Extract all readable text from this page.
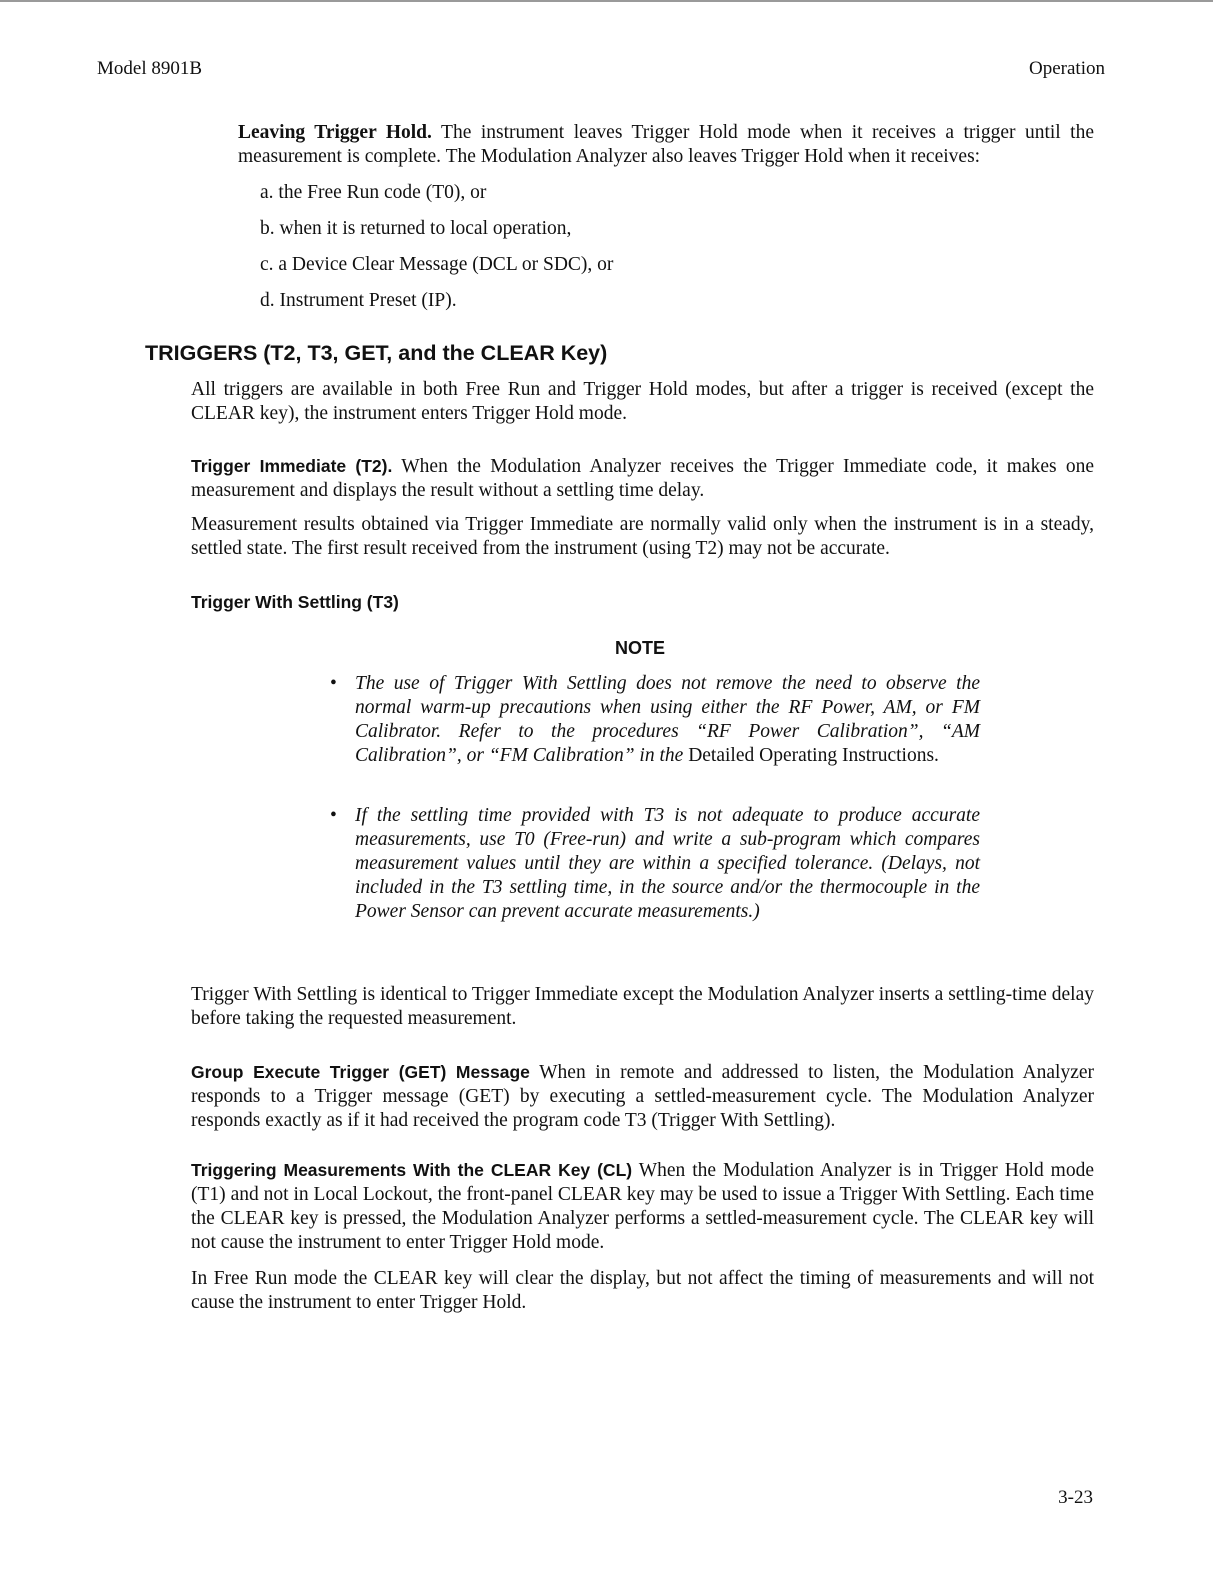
Model 8901B	Operation
Leaving Trigger Hold. The instrument leaves Trigger Hold mode when it receives a trigger until the measurement is complete. The Modulation Analyzer also leaves Trigger Hold when it receives:
a. the Free Run code (T0), or
b. when it is returned to local operation,
c. a Device Clear Message (DCL or SDC), or
d. Instrument Preset (IP).
TRIGGERS (T2, T3, GET, and the CLEAR Key)
All triggers are available in both Free Run and Trigger Hold modes, but after a trigger is received (except the CLEAR key), the instrument enters Trigger Hold mode.
Trigger Immediate (T2). When the Modulation Analyzer receives the Trigger Immediate code, it makes one measurement and displays the result without a settling time delay.
Measurement results obtained via Trigger Immediate are normally valid only when the instrument is in a steady, settled state. The first result received from the instrument (using T2) may not be accurate.
Trigger With Settling (T3)
NOTE
• The use of Trigger With Settling does not remove the need to observe the normal warm-up precautions when using either the RF Power, AM, or FM Calibrator. Refer to the procedures “RF Power Calibration”, “AM Calibration”, or “FM Calibration” in the Detailed Operating Instructions.
• If the settling time provided with T3 is not adequate to produce accurate measurements, use T0 (Free-run) and write a sub-program which compares measurement values until they are within a specified tolerance. (Delays, not included in the T3 settling time, in the source and/or the thermocouple in the Power Sensor can prevent accurate measurements.)
Trigger With Settling is identical to Trigger Immediate except the Modulation Analyzer inserts a settling-time delay before taking the requested measurement.
Group Execute Trigger (GET) Message When in remote and addressed to listen, the Modulation Analyzer responds to a Trigger message (GET) by executing a settled-measurement cycle. The Modulation Analyzer responds exactly as if it had received the program code T3 (Trigger With Settling).
Triggering Measurements With the CLEAR Key (CL) When the Modulation Analyzer is in Trigger Hold mode (T1) and not in Local Lockout, the front-panel CLEAR key may be used to issue a Trigger With Settling. Each time the CLEAR key is pressed, the Modulation Analyzer performs a settled-measurement cycle. The CLEAR key will not cause the instrument to enter Trigger Hold mode.
In Free Run mode the CLEAR key will clear the display, but not affect the timing of measurements and will not cause the instrument to enter Trigger Hold.
3-23
